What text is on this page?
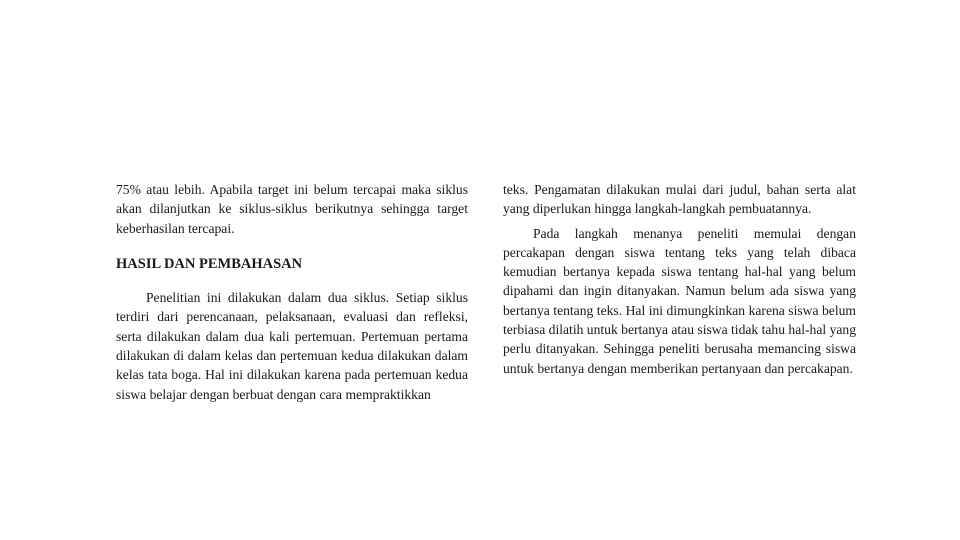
75% atau lebih. Apabila target ini belum tercapai maka siklus akan dilanjutkan ke siklus-siklus berikutnya sehingga target keberhasilan tercapai.

HASIL DAN PEMBAHASAN

Penelitian ini dilakukan dalam dua siklus. Setiap siklus terdiri dari perencanaan, pelaksanaan, evaluasi dan refleksi, serta dilakukan dalam dua kali pertemuan. Pertemuan pertama dilakukan di dalam kelas dan pertemuan kedua dilakukan dalam kelas tata boga. Hal ini dilakukan karena pada pertemuan kedua siswa belajar dengan berbuat dengan cara mempraktikkan

teks. Pengamatan dilakukan mulai dari judul, bahan serta alat yang diperlukan hingga langkah-langkah pembuatannya.

Pada langkah menanya peneliti memulai dengan percakapan dengan siswa tentang teks yang telah dibaca kemudian bertanya kepada siswa tentang hal-hal yang belum dipahami dan ingin ditanyakan. Namun belum ada siswa yang bertanya tentang teks. Hal ini dimungkinkan karena siswa belum terbiasa dilatih untuk bertanya atau siswa tidak tahu hal-hal yang perlu ditanyakan. Sehingga peneliti berusaha memancing siswa untuk bertanya dengan memberikan pertanyaan dan percakapan.
